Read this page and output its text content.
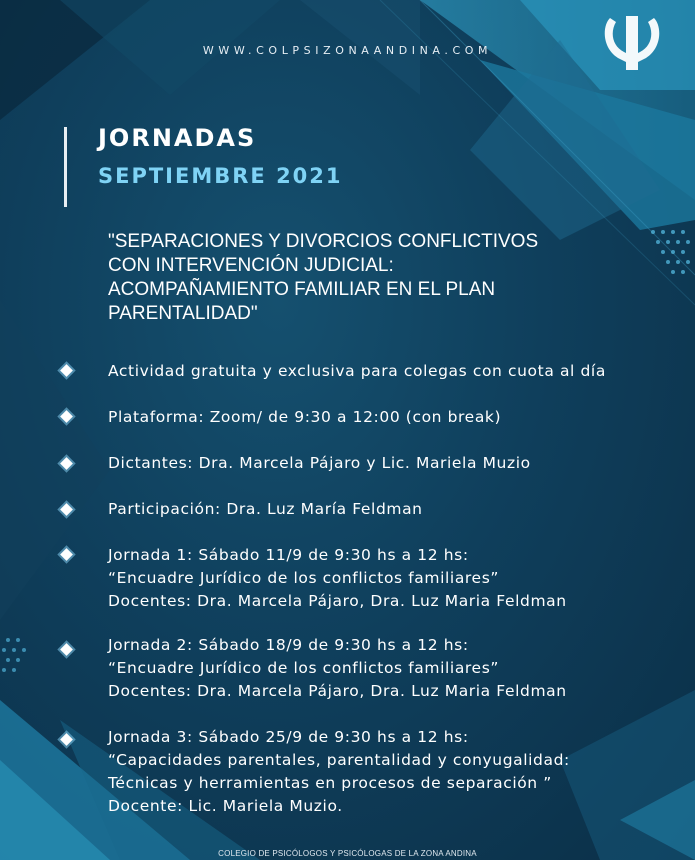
WWW.COLPSIZONAANDINA.COM
JORNADAS
SEPTIEMBRE 2021
"SEPARACIONES Y DIVORCIOS CONFLICTIVOS
CON INTERVENCIÓN JUDICIAL:
ACOMPAÑAMIENTO FAMILIAR EN EL PLAN
PARENTALIDAD"
Actividad gratuita y exclusiva para colegas con cuota al día
Plataforma: Zoom/ de 9:30 a 12:00 (con break)
Dictantes: Dra. Marcela Pájaro y Lic. Mariela Muzio
Participación: Dra. Luz María Feldman
Jornada 1: Sábado 11/9 de 9:30 hs a 12 hs:
“Encuadre Jurídico de los conflictos familiares”
Docentes: Dra. Marcela Pájaro, Dra. Luz Maria Feldman
Jornada 2: Sábado 18/9 de 9:30 hs a 12 hs:
“Encuadre Jurídico de los conflictos familiares”
Docentes: Dra. Marcela Pájaro, Dra. Luz Maria Feldman
Jornada 3: Sábado 25/9 de 9:30 hs a 12 hs:
“Capacidades parentales, parentalidad y conyugalidad:
Técnicas y herramientas en procesos de separación ”
Docente: Lic. Mariela Muzio.
COLEGIO DE PSICÓLOGOS Y PSICÓLOGAS DE LA ZONA ANDINA
